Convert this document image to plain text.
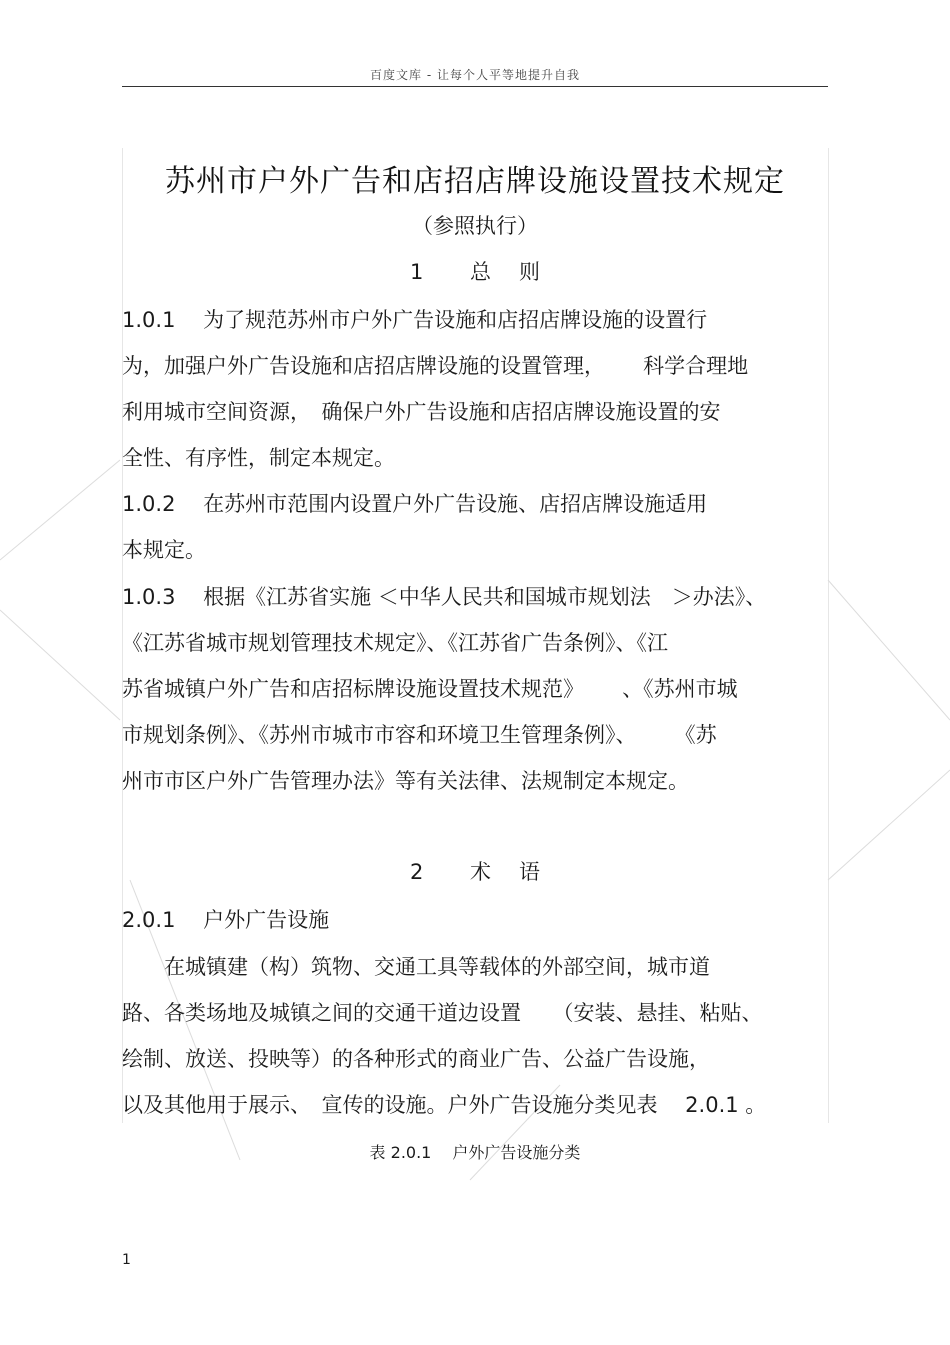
百度文库 - 让每个人平等地提升自我
苏州市户外广告和店招店牌设施设置技术规定
（参照执行）
1 总则
1.0.1　 为了规范苏州市户外广告设施和店招店牌设施的设置行
为，加强户外广告设施和店招店牌设施的设置管理，　　 科学合理地
利用城市空间资源，　确保户外广告设施和店招店牌设施设置的安
全性、有序性，制定本规定。
1.0.2　 在苏州市范围内设置户外广告设施、店招店牌设施适用
本规定。
1.0.3　 根据《江苏省实施 ＜中华人民共和国城市规划法　＞办法》、
《江苏省城市规划管理技术规定》、《江苏省广告条例》、《江
苏省城镇户外广告和店招标牌设施设置技术规范》　　 、《苏州市城
市规划条例》、《苏州市城市市容和环境卫生管理条例》、　　 《苏
州市市区户外广告管理办法》等有关法律、法规制定本规定。
2 术语
2.0.1　 户外广告设施
　　在城镇建（构）筑物、交通工具等载体的外部空间，城市道
路、各类场地及城镇之间的交通干道边设置　　（安装、悬挂、粘贴、
绘制、放送、投映等）的各种形式的商业广告、公益广告设施，
以及其他用于展示、　宣传的设施。户外广告设施分类见表　 2.0.1 。
表 2.0.1　 户外广告设施分类
1
